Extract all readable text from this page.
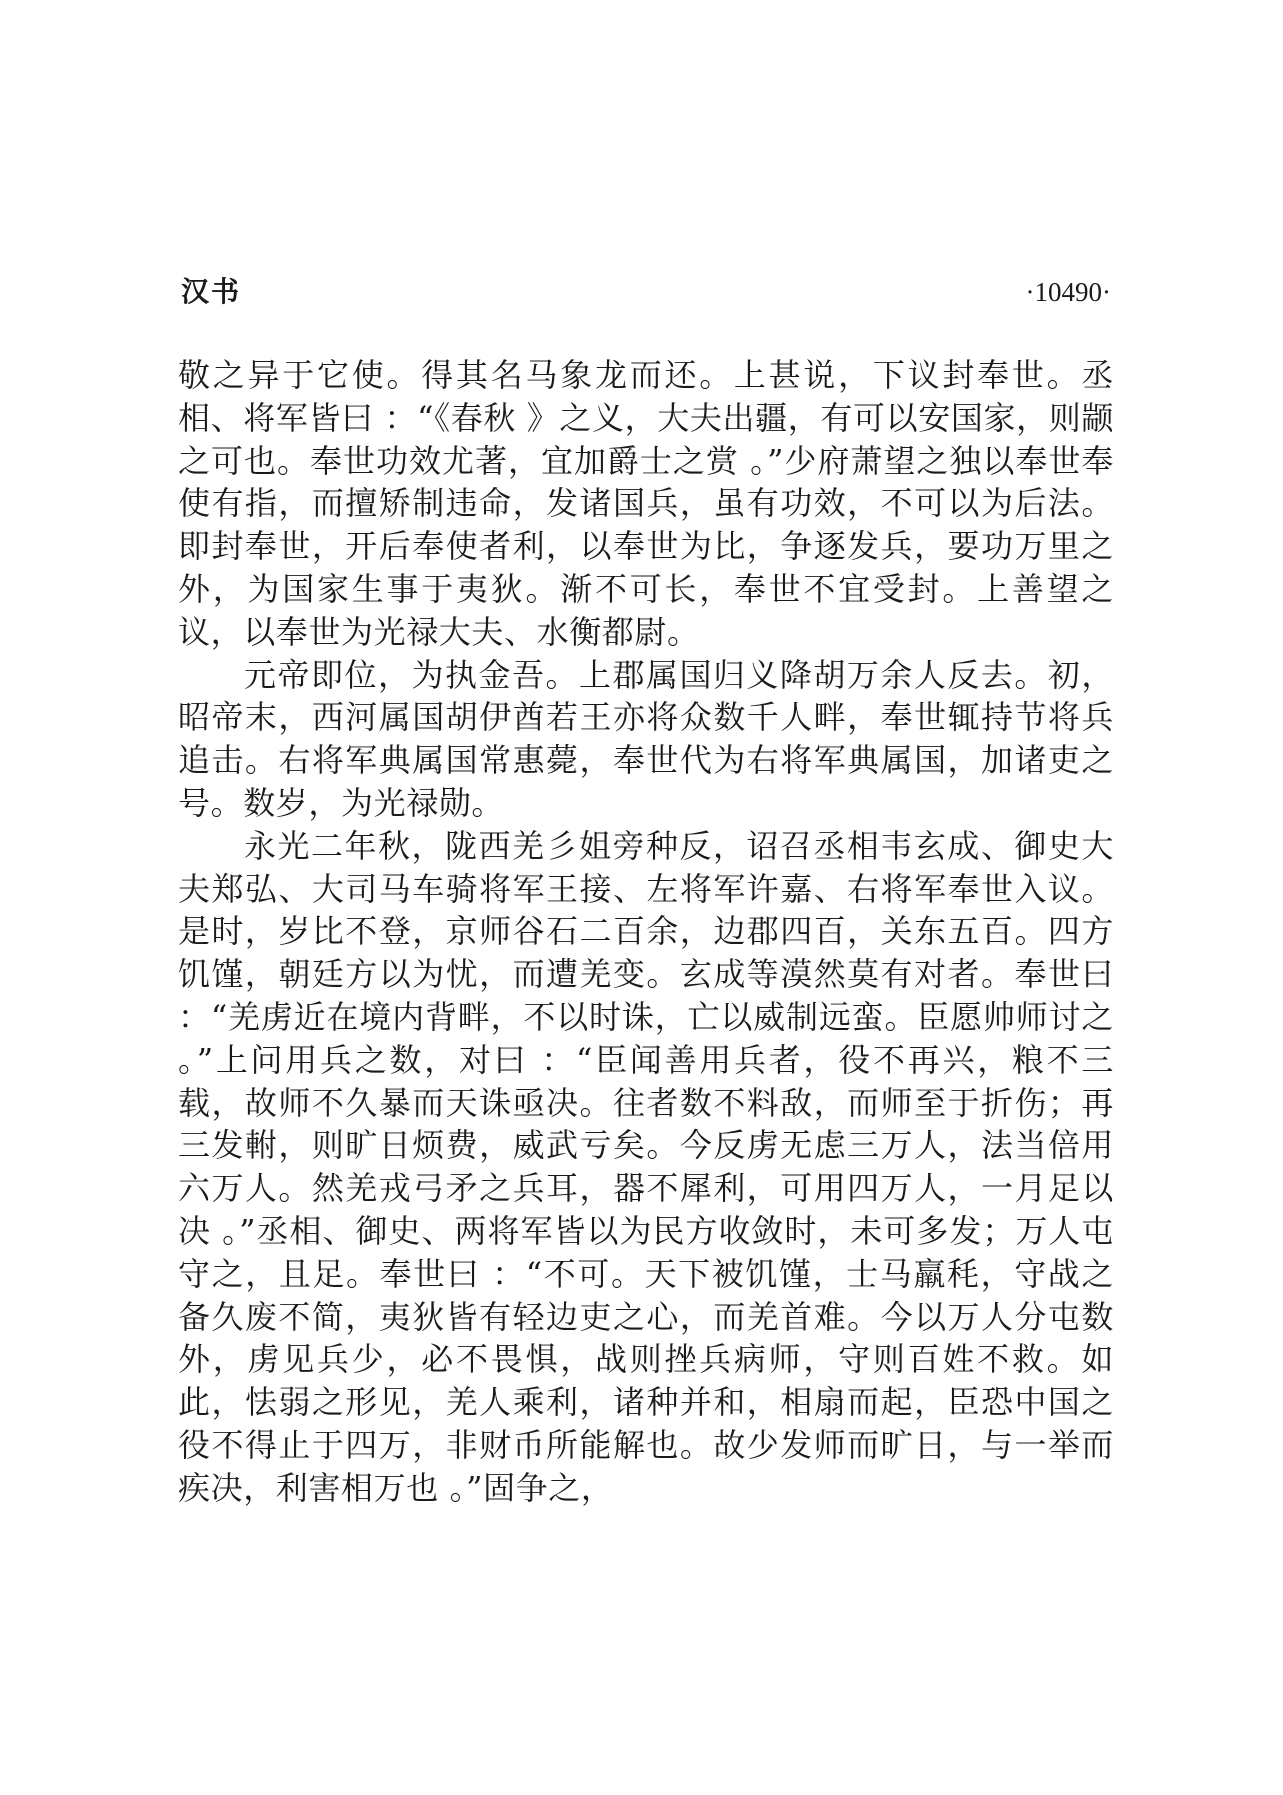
汉书	·10490·

敬之异于它使。得其名马象龙而还。上甚说，下议封奉世。丞相、将军皆曰 ：“《春秋 》之义，大夫出疆，有可以安国家，则颛之可也。奉世功效尤著，宜加爵士之赏 。”少府萧望之独以奉世奉使有指，而擅矫制违命，发诸国兵，虽有功效，不可以为后法。即封奉世，开后奉使者利，以奉世为比，争逐发兵，要功万里之外，为国家生事于夷狄。渐不可长，奉世不宜受封。上善望之议，以奉世为光禄大夫、水衡都尉。

元帝即位，为执金吾。上郡属国归义降胡万余人反去。初，昭帝末，西河属国胡伊酋若王亦将众数千人畔，奉世辄持节将兵追击。右将军典属国常惠薨，奉世代为右将军典属国，加诸吏之号。数岁，为光禄勋。

永光二年秋，陇西羌彡姐旁种反，诏召丞相韦玄成、御史大夫郑弘、大司马车骑将军王接、左将军许嘉、右将军奉世入议。是时，岁比不登，京师谷石二百余，边郡四百，关东五百。四方饥馑，朝廷方以为忧，而遭羌变。玄成等漠然莫有对者。奉世曰 ：“羌虏近在境内背畔，不以时诛，亡以威制远蛮。臣愿帅师讨之 。”上问用兵之数，对曰 ：“臣闻善用兵者，役不再兴，粮不三载，故师不久暴而天诛亟决。往者数不料敌，而师至于折伤；再三发軵，则旷日烦费，威武亏矣。今反虏无虑三万人，法当倍用六万人。然羌戎弓矛之兵耳，器不犀利，可用四万人，一月足以决 。”丞相、御史、两将军皆以为民方收敛时，未可多发；万人屯守之，且足。奉世曰 ：“不可。天下被饥馑，士马羸秏，守战之备久废不简，夷狄皆有轻边吏之心，而羌首难。今以万人分屯数外，虏见兵少，必不畏惧，战则挫兵病师，守则百姓不救。如此，怯弱之形见，羌人乘利，诸种并和，相扇而起，臣恐中国之役不得止于四万，非财币所能解也。故少发师而旷日，与一举而疾决，利害相万也 。”固争之，
